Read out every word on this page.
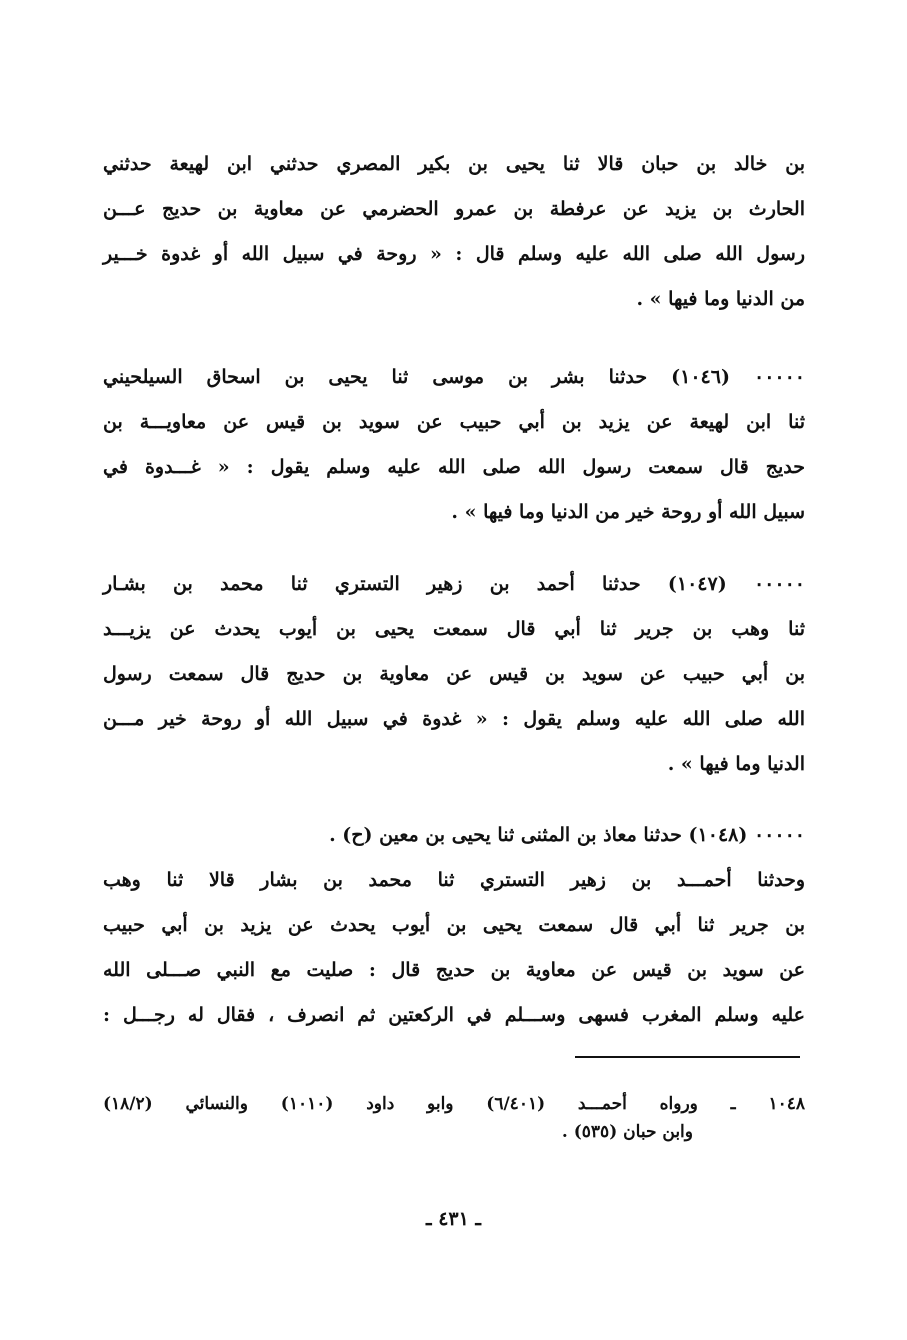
بن خالد بن حبان قالا ثنا يحيى بن بكير المصري حدثني ابن لهيعة حدثني
الحارث بن يزيد عن عرفطة بن عمرو الحضرمي عن معاوية بن حديج عـــن
رسول الله صلى الله عليه وسلم قال : « روحة في سبيل الله أو غدوة خـــير
من الدنيا وما فيها » .
٠٠٠٠٠ (١٠٤٦) حدثنا بشر بن موسى ثنا يحيى بن اسحاق السيلحيني
ثنا ابن لهيعة عن يزيد بن أبي حبيب عن سويد بن قيس عن معاويـــة بن
حديج قال سمعت رسول الله صلى الله عليه وسلم يقول : « غـــدوة في
سبيل الله أو روحة خير من الدنيا وما فيها » .
٠٠٠٠٠ (١٠٤٧) حدثنا أحمد بن زهير التستري ثنا محمد بن بشـار
ثنا وهب بن جرير ثنا أبي قال سمعت يحيى بن أيوب يحدث عن يزيـــد
بن أبي حبيب عن سويد بن قيس عن معاوية بن حديج قال سمعت رسول
الله صلى الله عليه وسلم يقول : « غدوة في سبيل الله أو روحة خير مـــن
الدنيا وما فيها » .
٠٠٠٠٠ (١٠٤٨) حدثنا معاذ بن المثنى ثنا يحيى بن معين (ح) .
وحدثنا أحمـــد بن زهير التستري ثنا محمد بن بشار قالا ثنا وهب
بن جرير ثنا أبي قال سمعت يحيى بن أيوب يحدث عن يزيد بن أبي حبيب
عن سويد بن قيس عن معاوية بن حديج قال : صليت مع النبي صـــلى الله
عليه وسلم المغرب فسهى وســـلم في الركعتين ثم انصرف ، فقال له رجـــل :
١٠٤٨ ـ ورواه أحمـــد (٦/٤٠١) وابو داود (١٠١٠) والنسائي (١٨/٢)
وابن حبان (٥٣٥) .
ـ ٤٣١ ـ
